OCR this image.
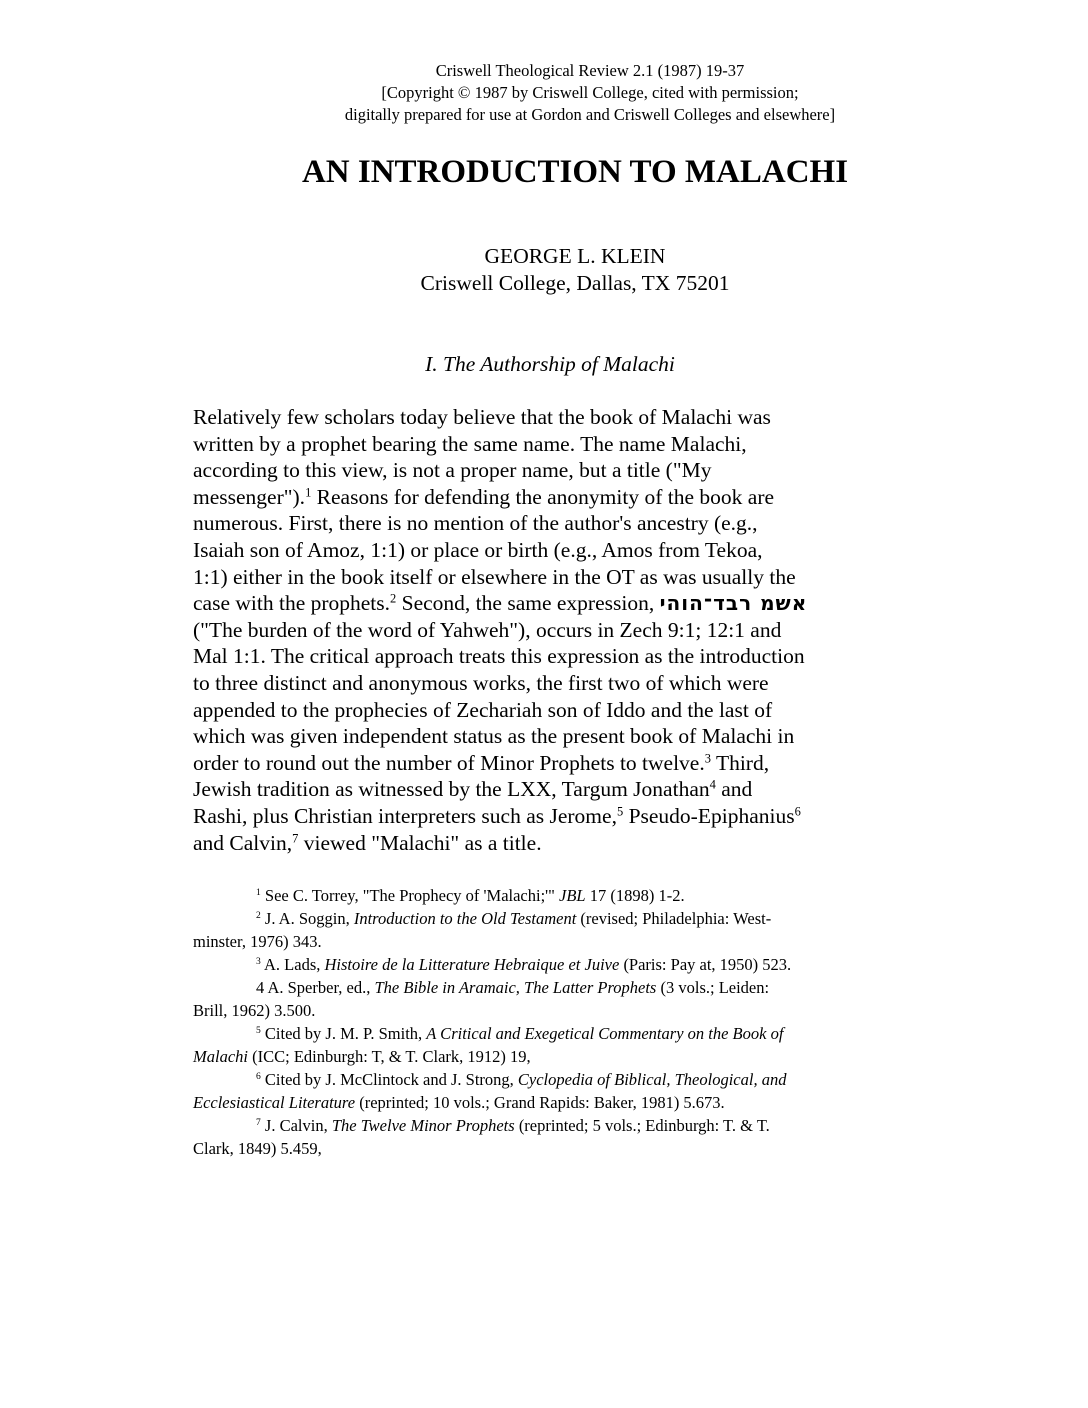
Criswell Theological Review 2.1 (1987) 19-37
[Copyright © 1987 by Criswell College, cited with permission;
digitally prepared for use at Gordon and Criswell Colleges and elsewhere]
AN INTRODUCTION TO MALACHI
GEORGE L. KLEIN
Criswell College, Dallas, TX 75201
I. The Authorship of Malachi
Relatively few scholars today believe that the book of Malachi was
written by a prophet bearing the same name. The name Malachi,
according to this view, is not a proper name, but a title ("My
messenger").$^1$ Reasons for defending the anonymity of the book are
numerous. First, there is no mention of the author's ancestry (e.g.,
Isaiah son of Amoz, 1:1) or place or birth (e.g., Amos from Tekoa,
1:1) either in the book itself or elsewhere in the OT as was usually the
case with the prophets.$^2$ Second, the same expression, יהוה־דבר משא
("The burden of the word of Yahweh"), occurs in Zech 9:1; 12:1 and
Mal 1:1. The critical approach treats this expression as the introduction
to three distinct and anonymous works, the first two of which were
appended to the prophecies of Zechariah son of Iddo and the last of
which was given independent status as the present book of Malachi in
order to round out the number of Minor Prophets to twelve.$^3$ Third,
Jewish tradition as witnessed by the LXX, Targum Jonathan$^4$ and
Rashi, plus Christian interpreters such as Jerome,$^5$ Pseudo-Epiphanius$^6$
and Calvin,$^7$ viewed "Malachi" as a title.
$^1$ See C. Torrey, "The Prophecy of 'Malachi;'" JBL 17 (1898) 1-2.
$^2$ J. A. Soggin, Introduction to the Old Testament (revised; Philadelphia: West-
minster, 1976) 343.
$^3$ A. Lads, Histoire de la Litterature Hebraique et Juive (Paris: Pay at, 1950) 523.
4 A. Sperber, ed., The Bible in Aramaic, The Latter Prophets (3 vols.; Leiden:
Brill, 1962) 3.500.
$^5$ Cited by J. M. P. Smith, A Critical and Exegetical Commentary on the Book of
Malachi (ICC; Edinburgh: T, & T. Clark, 1912) 19,
$^6$ Cited by J. McClintock and J. Strong, Cyclopedia of Biblical, Theological, and
Ecclesiastical Literature (reprinted; 10 vols.; Grand Rapids: Baker, 1981) 5.673.
$^7$ J. Calvin, The Twelve Minor Prophets (reprinted; 5 vols.; Edinburgh: T. & T.
Clark, 1849) 5.459,
